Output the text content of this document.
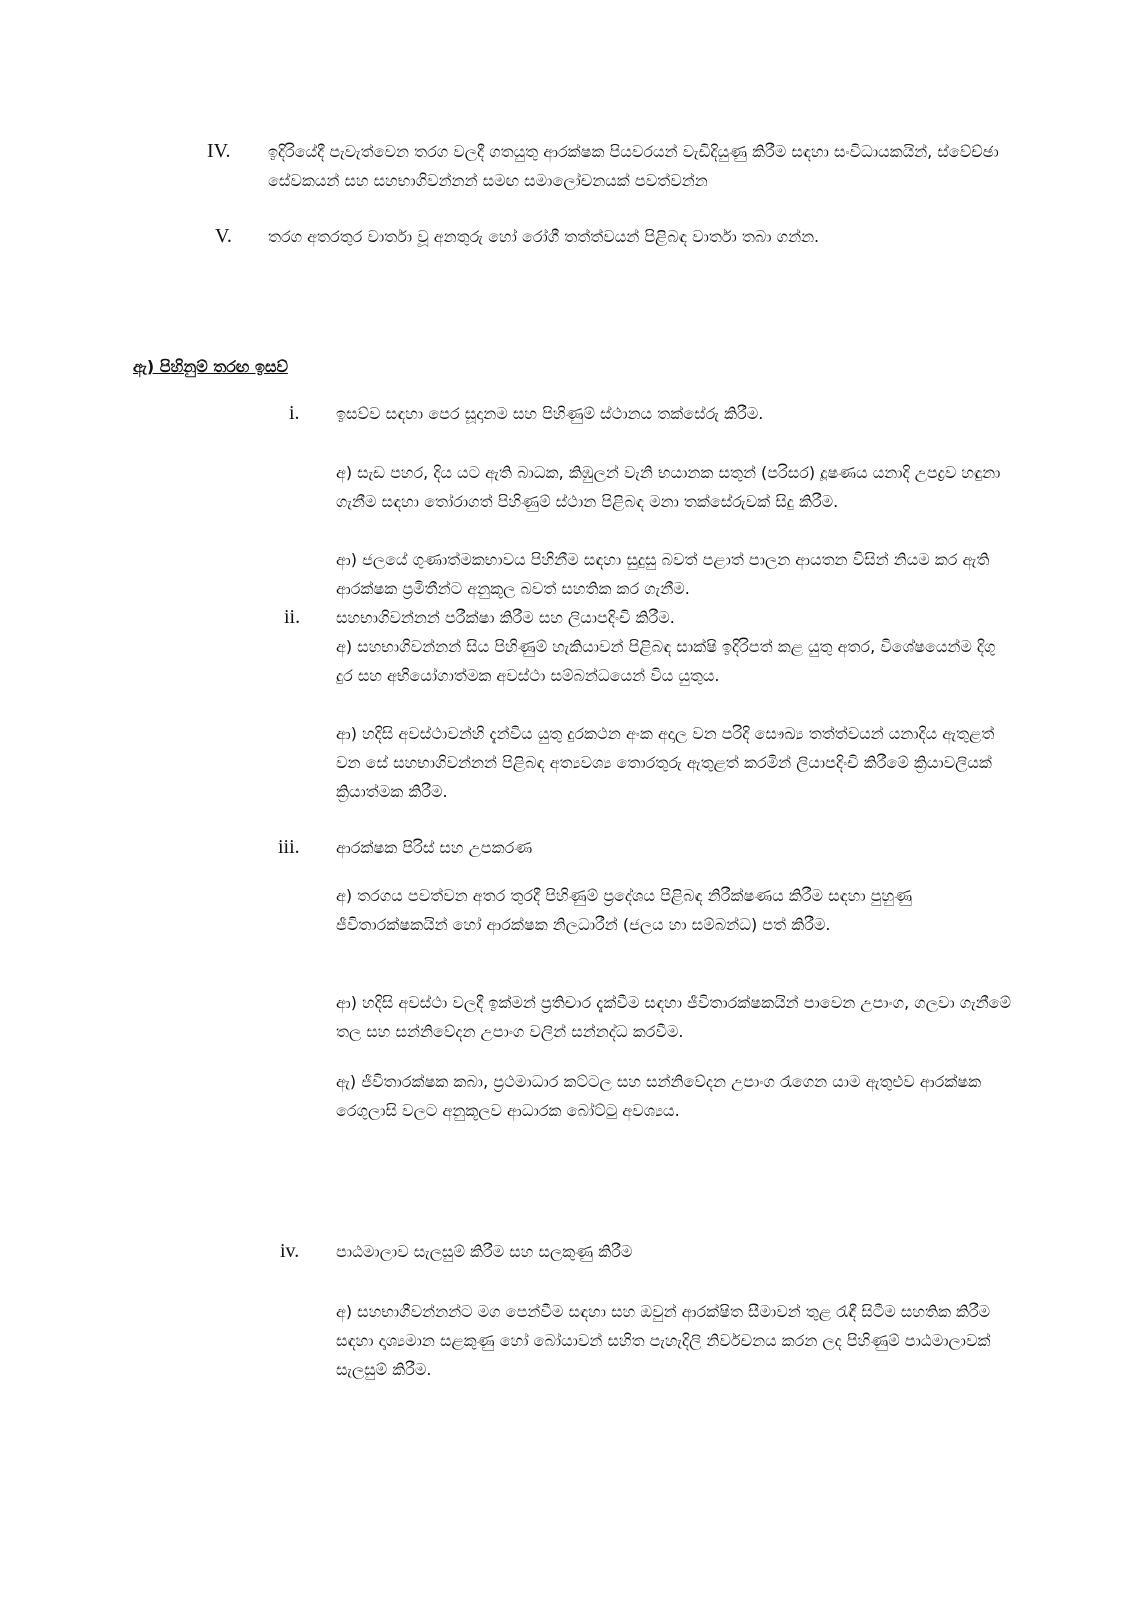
IV. ඉදිරියේදී පැවැත්වෙන තරග වලදී ගතයුතු ආරක්ෂක පියවරයන් වැඩිදියුණු කිරීම සඳහා සංවිධායකයින්, ස්වේච්ඡා සේවකයන් සහ සහභාගිවන්නන් සමඟ සමාලෝචනයක් පවත්වන්න

V. තරග අතරතුර වාර්තා වූ අනතුරු හෝ රෝගී තත්ත්වයන් පිළිබඳ වාර්තා තබා ගන්න.

ඇ) පිහිනුම් තරඟ ඉසව්
i. ඉසව්ව සඳහා පෙර සූදානම සහ පිහිණුම් ස්ථානය තක්සේරු කිරීම.

අ) සැඩ පහර, දිය යට ඇති බාධක, කිඹුලන් වැනි භයානක සතුන් (පරිසර) දූෂණය යනාදි උපද්‍රව හඳුනා ගැනීම සඳහා තෝරාගත් පිහිණුම් ස්ථාන පිළිබඳ මනා තක්සේරුවක් සිදු කිරීම.

ආ) ජලයේ ගුණාත්මකභාවය පිහිනීම සඳහා සුදුසු බවත් පළාත් පාලන ආයතන විසින් නියම කර ඇති ආරක්ෂක ප්‍රමිතීන්ට අනුකූල බවත් සහතික කර ගැනීම.

ii. සහභාගිවන්නන් පරීක්ෂා කිරීම සහ ලියාපදිංචි කිරීම.

අ) සහභාගිවන්නන් සිය පිහිණුම් හැකියාවන් පිළිබඳ සාක්ෂි ඉදිරිපත් කළ යුතු අතර, විශේෂයෙන්ම දිගු දුර සහ අභියෝගාත්මක අවස්ථා සම්බන්ධයෙන් විය යුතුය.

ආ) හදිසි අවස්ථාවන්හි දැන්විය යුතු දුරකථන අංක අදාල වන පරිදි සෞඛ්‍ය තත්ත්වයන් යනාදිය ඇතුළත් වන සේ සහභාගිවන්නන් පිළිබඳ අත්‍යවශ්‍ය තොරතුරු ඇතුළත් කරමින් ලියාපදිංචි කිරීමේ ක්‍රියාවලියක් ක්‍රියාත්මක කිරීම.

iii. ආරක්ෂක පිරිස් සහ උපකරණ

අ) තරගය පවත්වන අතර තුරදී පිහිණුම් ප්‍රදේශය පිළිබඳ නිරීක්ෂණය කිරීම සඳහා පුහුණු ජීවිතාරක්ෂකයින් හෝ ආරක්ෂක නිලධාරීන් (ජලය හා සම්බන්ධ) පත් කිරීම.

ආ) හදිසි අවස්ථා වලදී ඉක්මන් ප්‍රතිචාර දැක්වීම සඳහා ජීවිතාරක්ෂකයින් පාවෙන උපාංග, ගලවා ගැනීමේ තල සහ සන්නිවේදන උපාංග වලින් සන්නද්ධ කරවීම.

ඇ) ජීවිතාරක්ෂක කබා, ප්‍රථමාධාර කට්ටල සහ සන්නිවේදන උපාංග රැගෙන යාම ඇතුළුව ආරක්ෂක රෙගුලාසි වලට අනුකූලව ආධාරක බෝට්ටු අවශ්‍යය.

iv. පාඨමාලාව සැලසුම් කිරීම සහ සලකුණු කිරීම

අ) සහභාගීවන්නන්ට මග පෙන්වීම සඳහා සහ ඔවුන් ආරක්ෂිත සීමාවන් තුළ රැඳී සිටීම සහතික කිරීම සඳහා දෘශ්‍යමාන සළකුණු හෝ බෝයාවන් සහිත පැහැදිලි නිර්වචනය කරන ලද පිහිණුම් පාඨමාලාවක් සැලසුම් කිරීම.
